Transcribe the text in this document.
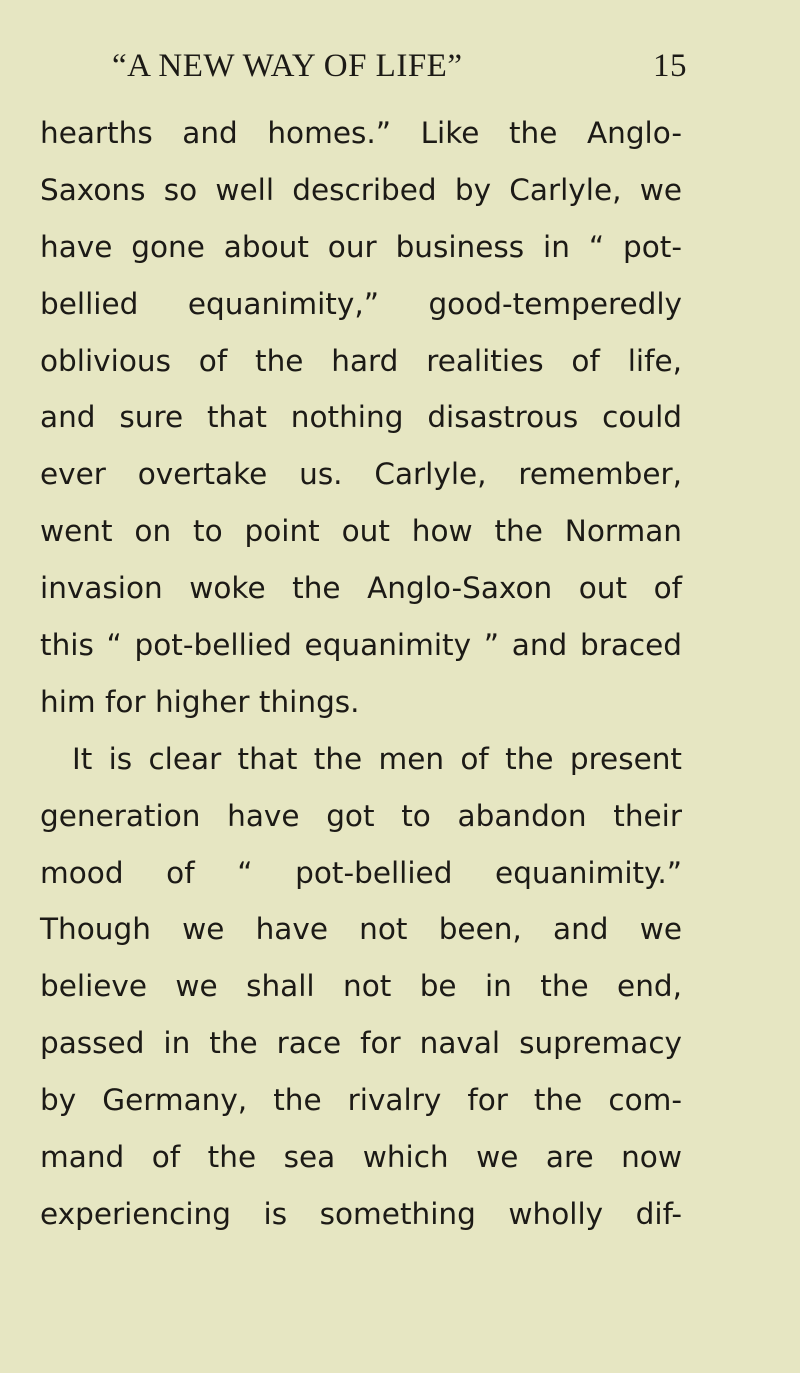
“A NEW WAY OF LIFE”	15
hearths and homes.” Like the Anglo-
Saxons so well described by Carlyle, we
have gone about our business in “ pot-
bellied equanimity,” good-temperedly
oblivious of the hard realities of life,
and sure that nothing disastrous could
ever overtake us. Carlyle, remember,
went on to point out how the Norman
invasion woke the Anglo-Saxon out of
this “ pot-bellied equanimity ” and braced
him for higher things.
It is clear that the men of the present
generation have got to abandon their
mood of “ pot-bellied equanimity.”
Though we have not been, and we
believe we shall not be in the end,
passed in the race for naval supremacy
by Germany, the rivalry for the com-
mand of the sea which we are now
experiencing is something wholly dif-
